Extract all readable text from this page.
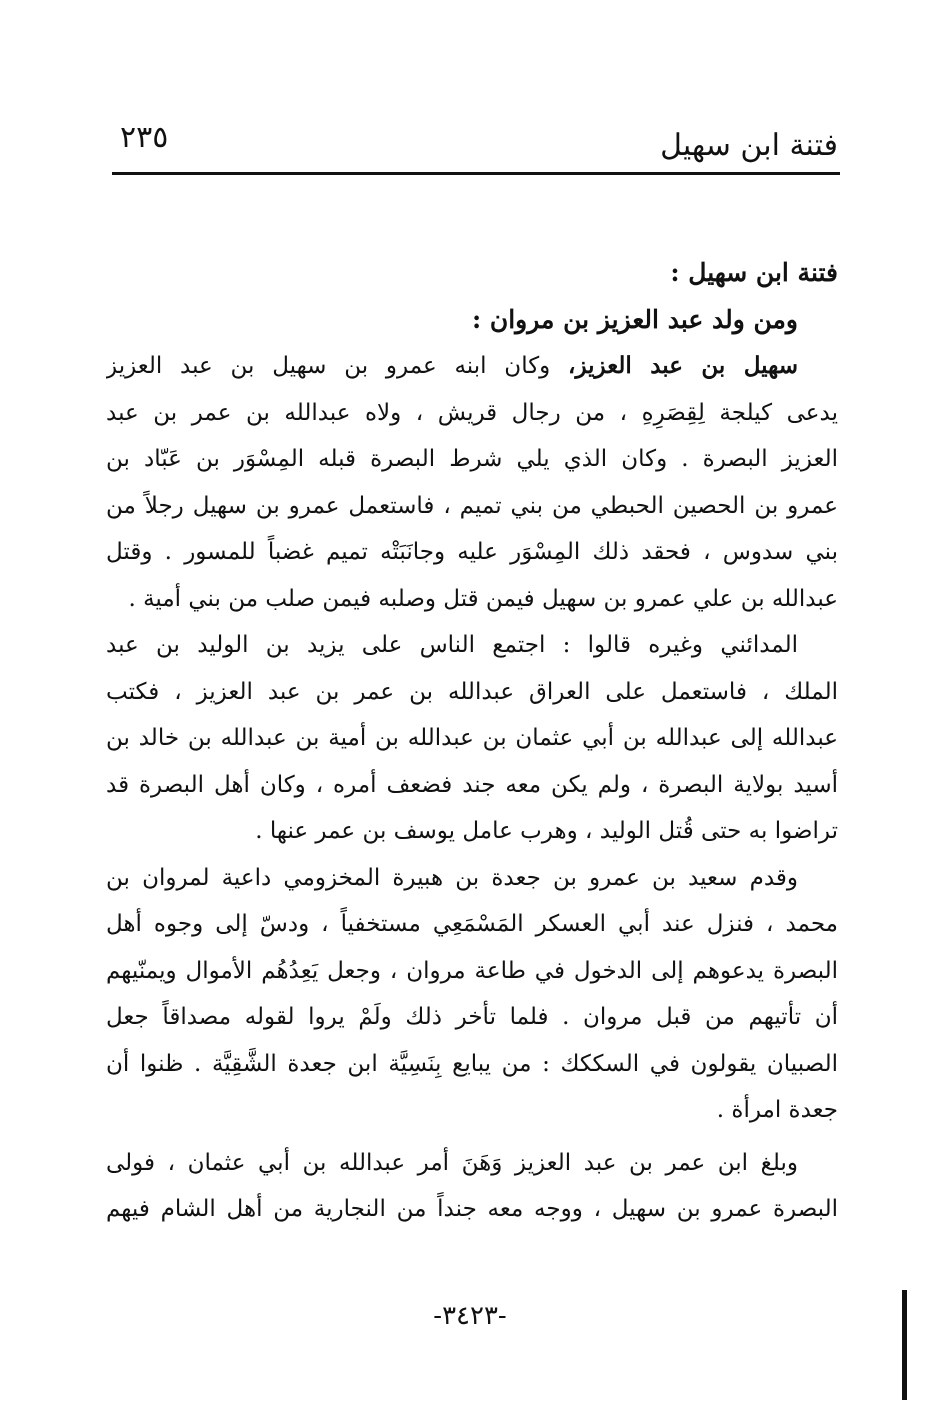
فتنة ابن سهيل
٢٣٥
فتنة ابن سهيل :
ومن ولد عبد العزيز بن مروان :
سهيل بن عبد العزيز، وكان ابنه عمرو بن سهيل بن عبد العزيز
يدعى كيلجة لِقِصَرِهِ ، من رجال قريش ، ولاه عبدالله بن عمر بن عبد
العزيز البصرة . وكان الذي يلي شرط البصرة قبله المِسْوَر بن عَبّاد بن
عمرو بن الحصين الحبطي من بني تميم ، فاستعمل عمرو بن سهيل رجلاً من
بني سدوس ، فحقد ذلك المِسْوَر عليه وجانَبَتْه تميم غضباً للمسور . وقتل
عبدالله بن علي عمرو بن سهيل فيمن قتل وصلبه فيمن صلب من بني أمية .
المدائني وغيره قالوا : اجتمع الناس على يزيد بن الوليد بن عبد
الملك ، فاستعمل على العراق عبدالله بن عمر بن عبد العزيز ، فكتب
عبدالله إلى عبدالله بن أبي عثمان بن عبدالله بن أمية بن عبدالله بن خالد بن
أسيد بولاية البصرة ، ولم يكن معه جند فضعف أمره ، وكان أهل البصرة قد
تراضوا به حتى قُتل الوليد ، وهرب عامل يوسف بن عمر عنها .
وقدم سعيد بن عمرو بن جعدة بن هبيرة المخزومي داعية لمروان بن
محمد ، فنزل عند أبي العسكر المَسْمَعِي مستخفياً ، ودسّ إلى وجوه أهل
البصرة يدعوهم إلى الدخول في طاعة مروان ، وجعل يَعِدُهُم الأموال ويمنّيهم
أن تأتيهم من قبل مروان . فلما تأخر ذلك ولَمْ يروا لقوله مصداقاً جعل
الصبيان يقولون في السككك : من يبايع بِنَسِيَّة ابن جعدة الشَّقِيَّة . ظنوا أن
جعدة امرأة .
وبلغ ابن عمر بن عبد العزيز وَهَنَ أمر عبدالله بن أبي عثمان ، فولى
البصرة عمرو بن سهيل ، ووجه معه جنداً من النجارية من أهل الشام فيهم
-٣٤٢٣-
